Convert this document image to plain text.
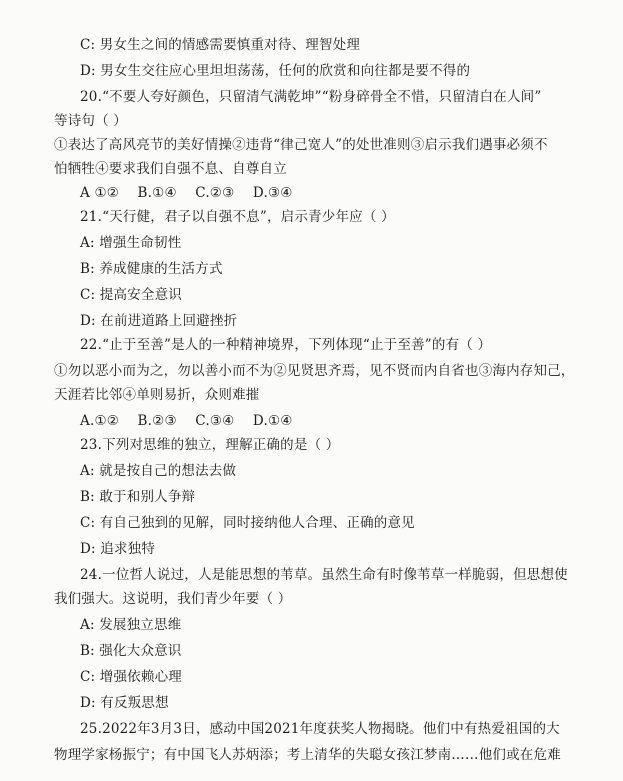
C: 男女生之间的情感需要慎重对待、理智处理
D: 男女生交往应心里坦坦荡荡，任何的欣赏和向往都是要不得的
20.“不要人夸好颜色，只留清气满乾坤”“粉身碎骨全不惜，只留清白在人间”
等诗句（ ）
①表达了高风亮节的美好情操②违背“律己宽人”的处世准则③启示我们遇事必须不
怕牺牲④要求我们自强不息、自尊自立
A ①② B.①④ C.②③ D.③④
21.“天行健，君子以自强不息”，启示青少年应（ ）
A: 增强生命韧性
B: 养成健康的生活方式
C: 提高安全意识
D: 在前进道路上回避挫折
22.“止于至善”是人的一种精神境界，下列体现“止于至善”的有（ ）
①勿以恶小而为之，勿以善小而不为②见贤思齐焉，见不贤而内自省也③海内存知己，
天涯若比邻④单则易折，众则难摧
A.①② B.②③ C.③④ D.①④
23.下列对思维的独立，理解正确的是（ ）
A: 就是按自己的想法去做
B: 敢于和别人争辩
C: 有自己独到的见解，同时接纳他人合理、正确的意见
D: 追求独特
24.一位哲人说过，人是能思想的苇草。虽然生命有时像苇草一样脆弱，但思想使
我们强大。这说明，我们青少年要（ ）
A: 发展独立思维
B: 强化大众意识
C: 增强依赖心理
D: 有反叛思想
25.2022年3月3日，感动中国2021年度获奖人物揭晓。他们中有热爱祖国的大
物理学家杨振宁；有中国飞人苏炳添；考上清华的失聪女孩江梦南……他们或在危难
